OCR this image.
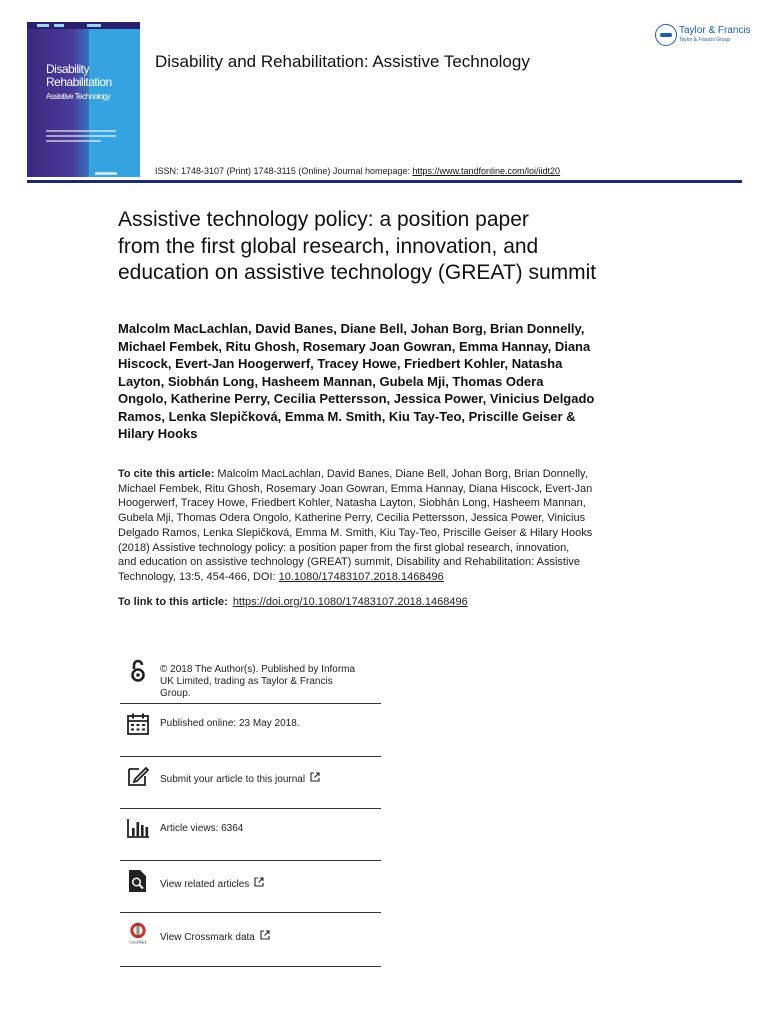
Disability
Rehabilitation
Assistive Technology
Disability and Rehabilitation: Assistive Technology
Taylor & Francis
Taylor & Francis Group
ISSN: 1748-3107 (Print) 1748-3115 (Online) Journal homepage: https://www.tandfonline.com/loi/iidt20
Assistive technology policy: a position paper
from the first global research, innovation, and
education on assistive technology (GREAT) summit
Malcolm MacLachlan, David Banes, Diane Bell, Johan Borg, Brian Donnelly,
Michael Fembek, Ritu Ghosh, Rosemary Joan Gowran, Emma Hannay, Diana
Hiscock, Evert-Jan Hoogerwerf, Tracey Howe, Friedbert Kohler, Natasha
Layton, Siobhán Long, Hasheem Mannan, Gubela Mji, Thomas Odera
Ongolo, Katherine Perry, Cecilia Pettersson, Jessica Power, Vinicius Delgado
Ramos, Lenka Slepičková, Emma M. Smith, Kiu Tay-Teo, Priscille Geiser &
Hilary Hooks
To cite this article: Malcolm MacLachlan, David Banes, Diane Bell, Johan Borg, Brian Donnelly,
Michael Fembek, Ritu Ghosh, Rosemary Joan Gowran, Emma Hannay, Diana Hiscock, Evert-Jan
Hoogerwerf, Tracey Howe, Friedbert Kohler, Natasha Layton, Siobhán Long, Hasheem Mannan,
Gubela Mji, Thomas Odera Ongolo, Katherine Perry, Cecilia Pettersson, Jessica Power, Vinicius
Delgado Ramos, Lenka Slepičková, Emma M. Smith, Kiu Tay-Teo, Priscille Geiser & Hilary Hooks
(2018) Assistive technology policy: a position paper from the first global research, innovation,
and education on assistive technology (GREAT) summit, Disability and Rehabilitation: Assistive
Technology, 13:5, 454-466, DOI: 10.1080/17483107.2018.1468496
To link to this article: https://doi.org/10.1080/17483107.2018.1468496
© 2018 The Author(s). Published by Informa
UK Limited, trading as Taylor & Francis
Group.
Published online: 23 May 2018.
Submit your article to this journal
Article views: 6364
View related articles
CrossMark View Crossmark data
